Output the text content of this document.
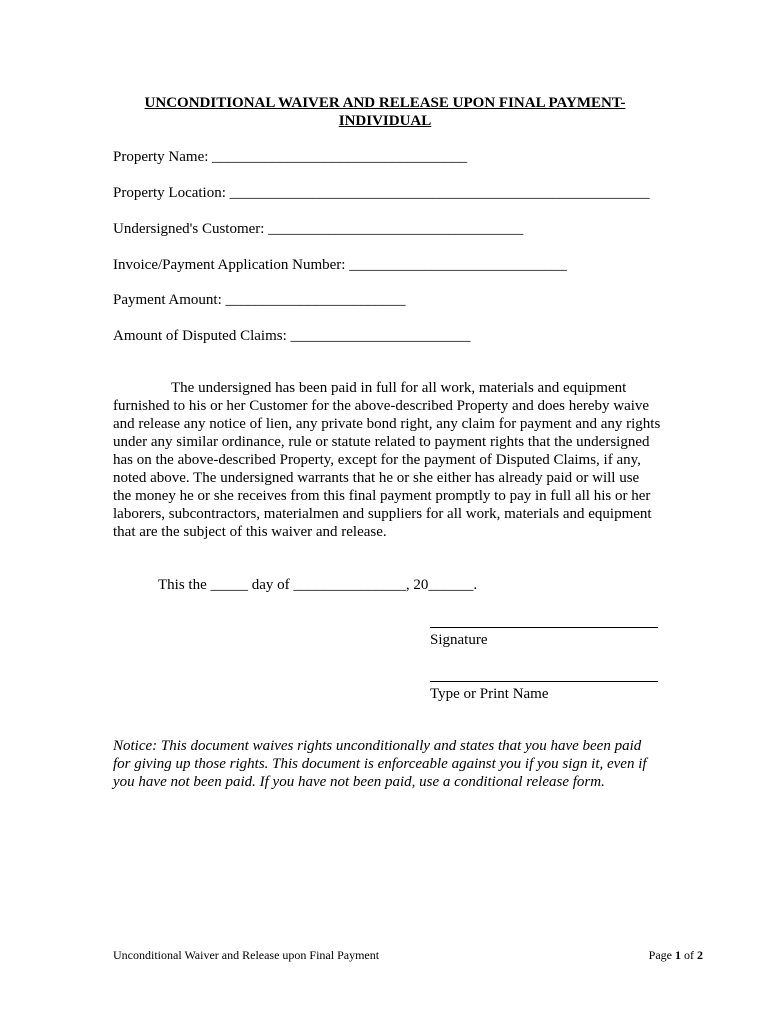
UNCONDITIONAL WAIVER AND RELEASE UPON FINAL PAYMENT-
INDIVIDUAL
Property Name: __________________________________
Property Location: ________________________________________________________
Undersigned's Customer: __________________________________
Invoice/Payment Application Number: _____________________________
Payment Amount: ________________________
Amount of Disputed Claims: ________________________
The undersigned has been paid in full for all work, materials and equipment furnished to his or her Customer for the above-described Property and does hereby waive and release any notice of lien, any private bond right, any claim for payment and any rights under any similar ordinance, rule or statute related to payment rights that the undersigned has on the above-described Property, except for the payment of Disputed Claims, if any, noted above. The undersigned warrants that he or she either has already paid or will use the money he or she receives from this final payment promptly to pay in full all his or her laborers, subcontractors, materialmen and suppliers for all work, materials and equipment that are the subject of this waiver and release.
This the _____ day of _______________, 20______.
Signature
Type or Print Name
Notice: This document waives rights unconditionally and states that you have been paid for giving up those rights. This document is enforceable against you if you sign it, even if you have not been paid. If you have not been paid, use a conditional release form.
Unconditional Waiver and Release upon Final Payment	Page 1 of 2
